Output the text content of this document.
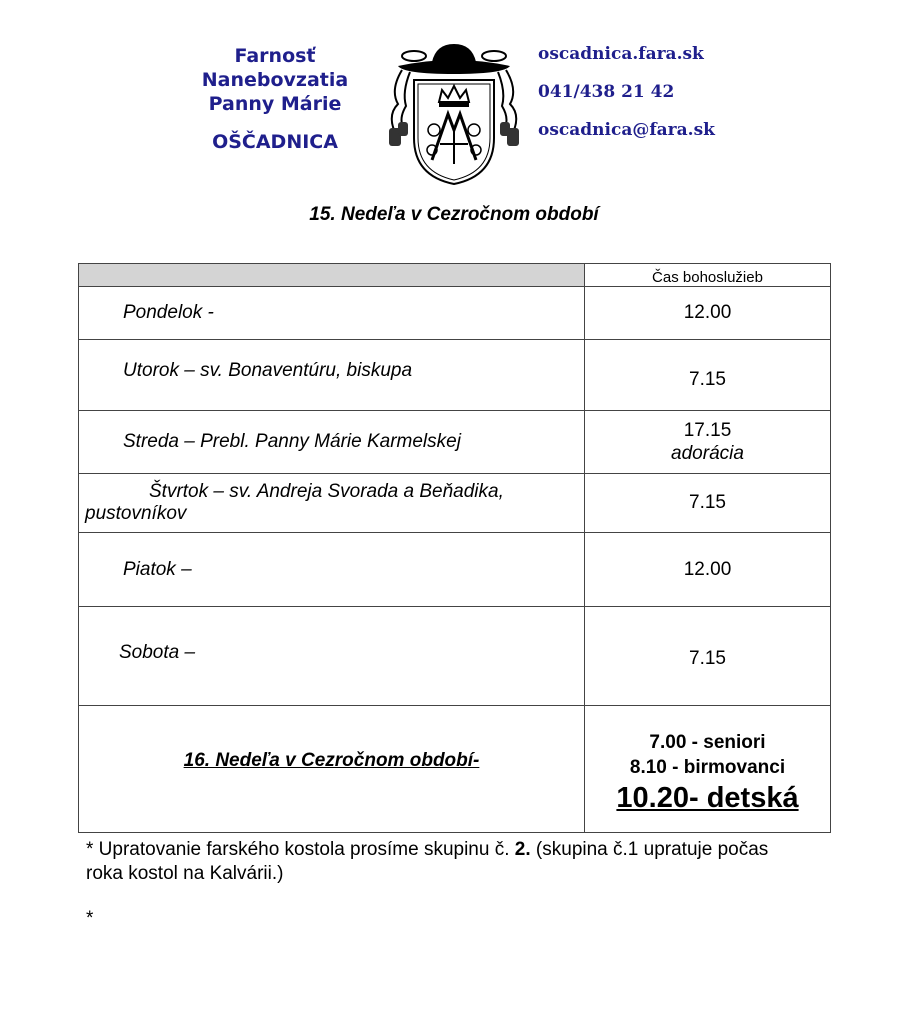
Farnosť
Nanebovzatia
Panny Márie
OŠČADNICA
oscadnica.fara.sk
041/438 21 42
oscadnica@fara.sk
15. Nedeľa v Cezročnom období
	Čas bohoslužieb
Pondelok -	12.00
Utorok – sv. Bonaventúru, biskupa	7.15
Streda – Prebl. Panny Márie Karmelskej	17.15
adorácia

Štvrtok – sv. Andreja Svorada a Beňadika,
pustovníkov	7.15
Piatok –	12.00
Sobota –	7.15
16. Nedeľa v Cezročnom období-	7.00 - seniori
8.10 - birmovanci
10.20- detská
* Upratovanie farského kostola prosíme skupinu č. 2. (skupina č.1 upratuje počas roka kostol na Kalvárii.)
*
